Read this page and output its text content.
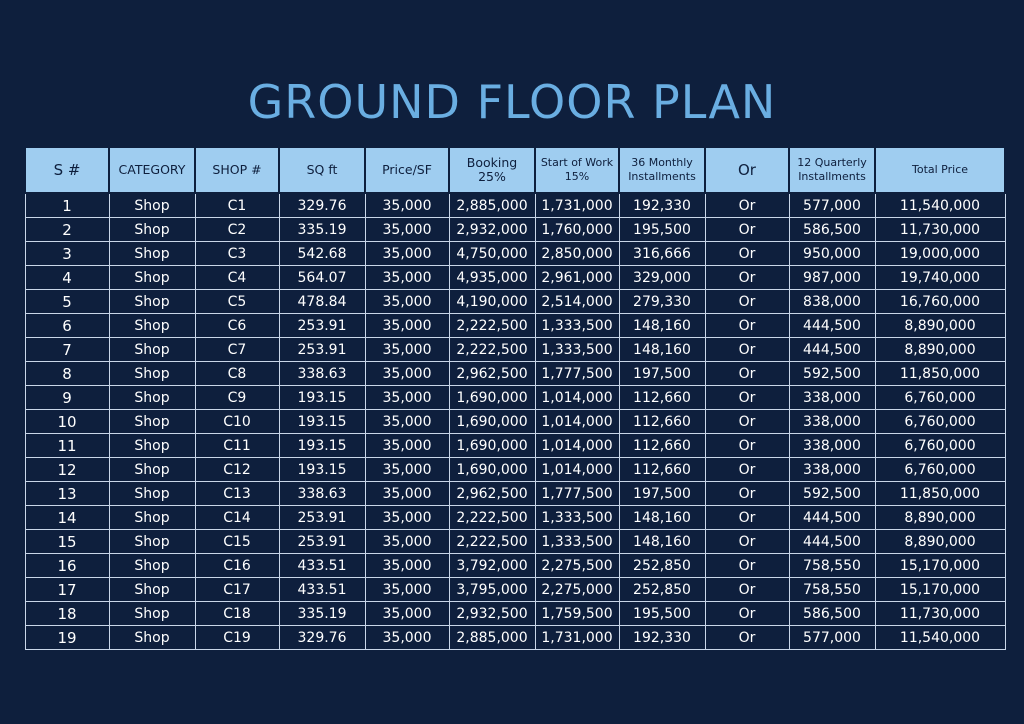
GROUND FLOOR PLAN
S #	CATEGORY	SHOP #	SQ ft	Price/SF	Booking 25%	Start of Work 15%	36 Monthly Installments	Or	12 Quarterly Installments	Total Price
1	Shop	C1	329.76	35,000	2,885,000	1,731,000	192,330	Or	577,000	11,540,000
2	Shop	C2	335.19	35,000	2,932,000	1,760,000	195,500	Or	586,500	11,730,000
3	Shop	C3	542.68	35,000	4,750,000	2,850,000	316,666	Or	950,000	19,000,000
4	Shop	C4	564.07	35,000	4,935,000	2,961,000	329,000	Or	987,000	19,740,000
5	Shop	C5	478.84	35,000	4,190,000	2,514,000	279,330	Or	838,000	16,760,000
6	Shop	C6	253.91	35,000	2,222,500	1,333,500	148,160	Or	444,500	8,890,000
7	Shop	C7	253.91	35,000	2,222,500	1,333,500	148,160	Or	444,500	8,890,000
8	Shop	C8	338.63	35,000	2,962,500	1,777,500	197,500	Or	592,500	11,850,000
9	Shop	C9	193.15	35,000	1,690,000	1,014,000	112,660	Or	338,000	6,760,000
10	Shop	C10	193.15	35,000	1,690,000	1,014,000	112,660	Or	338,000	6,760,000
11	Shop	C11	193.15	35,000	1,690,000	1,014,000	112,660	Or	338,000	6,760,000
12	Shop	C12	193.15	35,000	1,690,000	1,014,000	112,660	Or	338,000	6,760,000
13	Shop	C13	338.63	35,000	2,962,500	1,777,500	197,500	Or	592,500	11,850,000
14	Shop	C14	253.91	35,000	2,222,500	1,333,500	148,160	Or	444,500	8,890,000
15	Shop	C15	253.91	35,000	2,222,500	1,333,500	148,160	Or	444,500	8,890,000
16	Shop	C16	433.51	35,000	3,792,000	2,275,500	252,850	Or	758,550	15,170,000
17	Shop	C17	433.51	35,000	3,795,000	2,275,000	252,850	Or	758,550	15,170,000
18	Shop	C18	335.19	35,000	2,932,500	1,759,500	195,500	Or	586,500	11,730,000
19	Shop	C19	329.76	35,000	2,885,000	1,731,000	192,330	Or	577,000	11,540,000
